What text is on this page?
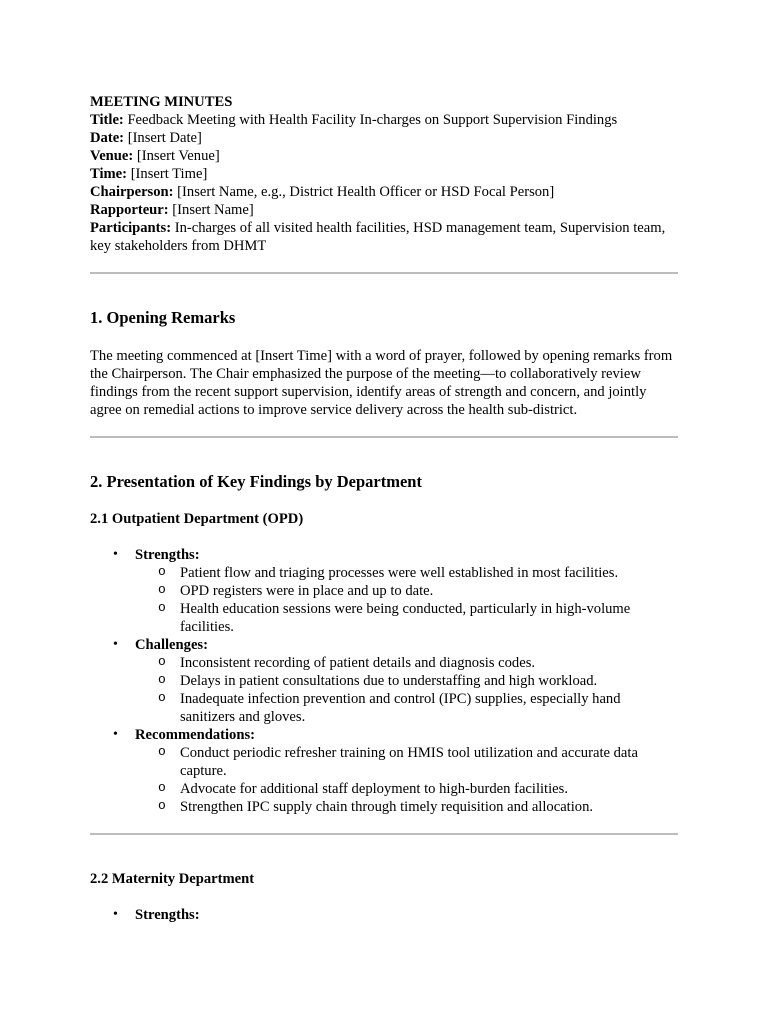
MEETING MINUTES

Title: Feedback Meeting with Health Facility In-charges on Support Supervision Findings

Date: [Insert Date]

Venue: [Insert Venue]

Time: [Insert Time]

Chairperson: [Insert Name, e.g., District Health Officer or HSD Focal Person]

Rapporteur: [Insert Name]

Participants: In-charges of all visited health facilities, HSD management team, Supervision team, key stakeholders from DHMT

1. Opening Remarks

The meeting commenced at [Insert Time] with a word of prayer, followed by opening remarks from the Chairperson. The Chair emphasized the purpose of the meeting—to collaboratively review findings from the recent support supervision, identify areas of strength and concern, and jointly agree on remedial actions to improve service delivery across the health sub-district.

2. Presentation of Key Findings by Department
2.1 Outpatient Department (OPD)
• Strengths:
o Patient flow and triaging processes were well established in most facilities.
o OPD registers were in place and up to date.
o Health education sessions were being conducted, particularly in high-volume facilities.
• Challenges:
o Inconsistent recording of patient details and diagnosis codes.
o Delays in patient consultations due to understaffing and high workload.
o Inadequate infection prevention and control (IPC) supplies, especially hand sanitizers and gloves.
• Recommendations:
o Conduct periodic refresher training on HMIS tool utilization and accurate data capture.
o Advocate for additional staff deployment to high-burden facilities.
o Strengthen IPC supply chain through timely requisition and allocation.
2.2 Maternity Department
• Strengths:
